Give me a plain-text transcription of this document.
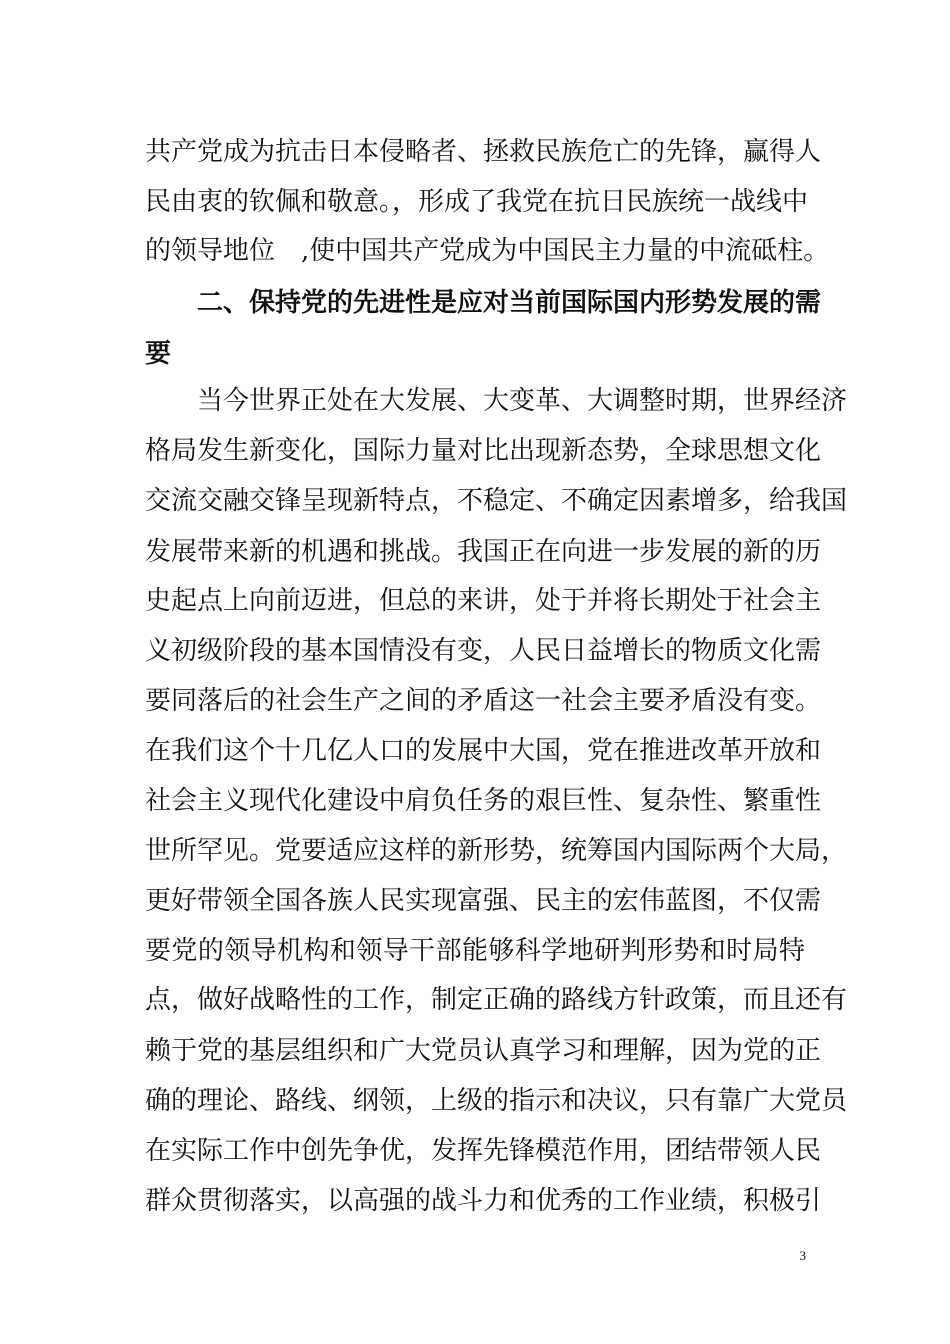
共产党成为抗击日本侵略者、拯救民族危亡的先锋，赢得人
民由衷的钦佩和敬意。，形成了我党在抗日民族统一战线中
的领导地位　,使中国共产党成为中国民主力量的中流砥柱。
二、保持党的先进性是应对当前国际国内形势发展的需
要
当今世界正处在大发展、大变革、大调整时期，世界经济
格局发生新变化，国际力量对比出现新态势，全球思想文化
交流交融交锋呈现新特点，不稳定、不确定因素增多，给我国
发展带来新的机遇和挑战。我国正在向进一步发展的新的历
史起点上向前迈进，但总的来讲，处于并将长期处于社会主
义初级阶段的基本国情没有变，人民日益增长的物质文化需
要同落后的社会生产之间的矛盾这一社会主要矛盾没有变。
在我们这个十几亿人口的发展中大国，党在推进改革开放和
社会主义现代化建设中肩负任务的艰巨性、复杂性、繁重性
世所罕见。党要适应这样的新形势，统筹国内国际两个大局，
更好带领全国各族人民实现富强、民主的宏伟蓝图，不仅需
要党的领导机构和领导干部能够科学地研判形势和时局特
点，做好战略性的工作，制定正确的路线方针政策，而且还有
赖于党的基层组织和广大党员认真学习和理解，因为党的正
确的理论、路线、纲领，上级的指示和决议，只有靠广大党员
在实际工作中创先争优，发挥先锋模范作用，团结带领人民
群众贯彻落实，以高强的战斗力和优秀的工作业绩，积极引
3
